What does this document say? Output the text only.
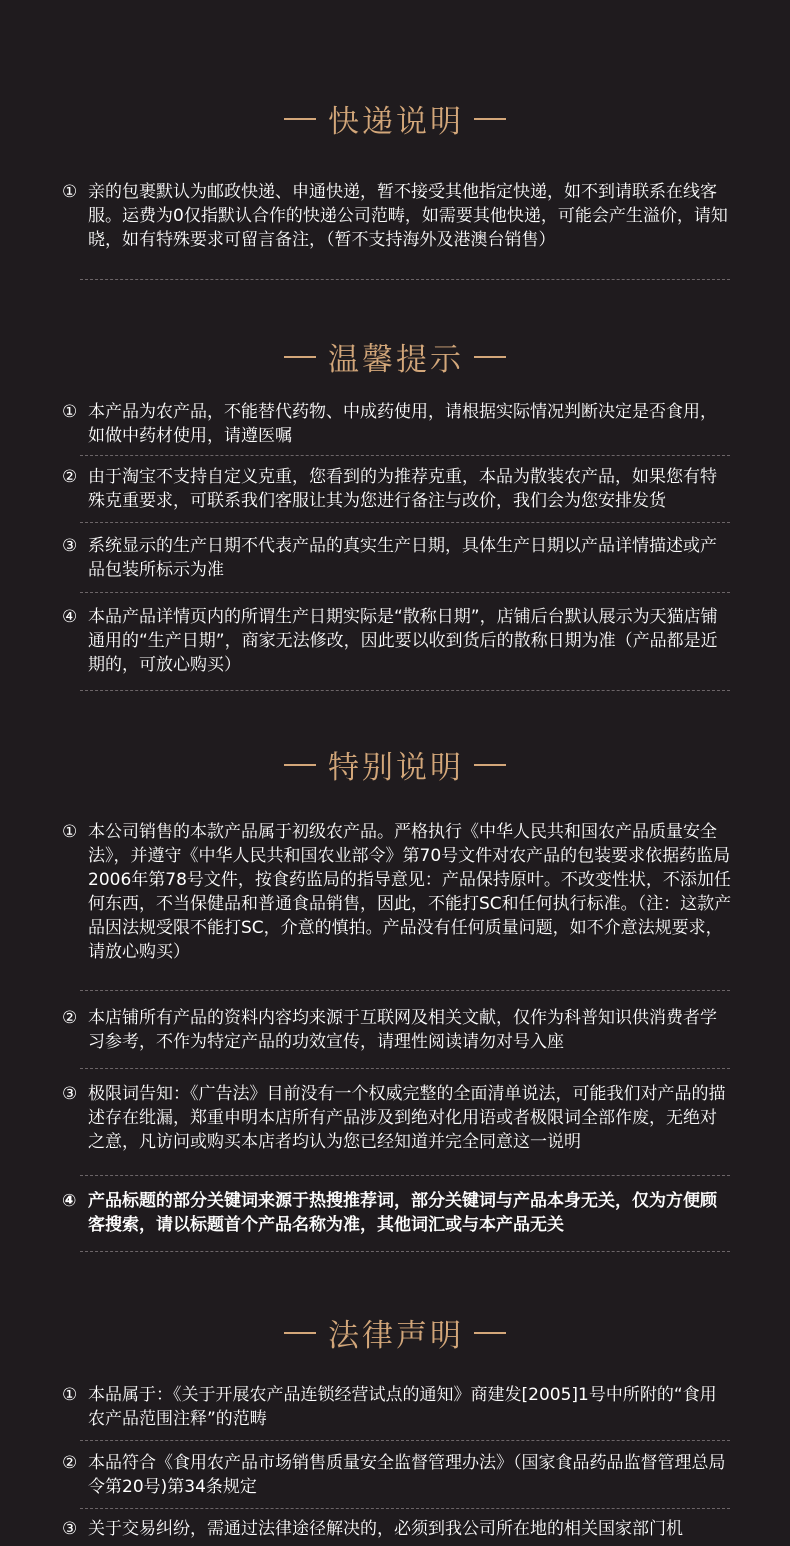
快递说明
① 亲的包裹默认为邮政快递、申通快递，暂不接受其他指定快递，如不到请联系在线客服。运费为0仅指默认合作的快递公司范畴，如需要其他快递，可能会产生溢价，请知晓，如有特殊要求可留言备注，（暂不支持海外及港澳台销售）
温馨提示
① 本产品为农产品，不能替代药物、中成药使用，请根据实际情况判断决定是否食用，如做中药材使用，请遵医嘱
② 由于淘宝不支持自定义克重，您看到的为推荐克重，本品为散装农产品，如果您有特殊克重要求，可联系我们客服让其为您进行备注与改价，我们会为您安排发货
③ 系统显示的生产日期不代表产品的真实生产日期，具体生产日期以产品详情描述或产品包装所标示为准
④ 本品产品详情页内的所谓生产日期实际是“散称日期”，店铺后台默认展示为天猫店铺通用的“生产日期”，商家无法修改，因此要以收到货后的散称日期为准（产品都是近期的，可放心购买）
特别说明
① 本公司销售的本款产品属于初级农产品。严格执行《中华人民共和国农产品质量安全法》，并遵守《中华人民共和国农业部令》第70号文件对农产品的包装要求依据药监局2006年第78号文件，按食药监局的指导意见：产品保持原叶。不改变性状，不添加任何东西，不当保健品和普通食品销售，因此，不能打SC和任何执行标准。（注：这款产品因法规受限不能打SC，介意的慎拍。产品没有任何质量问题，如不介意法规要求，请放心购买）
② 本店铺所有产品的资料内容均来源于互联网及相关文献，仅作为科普知识供消费者学习参考，不作为特定产品的功效宣传，请理性阅读请勿对号入座
③ 极限词告知：《广告法》目前没有一个权威完整的全面清单说法，可能我们对产品的描述存在纰漏，郑重申明本店所有产品涉及到绝对化用语或者极限词全部作废，无绝对之意，凡访问或购买本店者均认为您已经知道并完全同意这一说明
④ 产品标题的部分关键词来源于热搜推荐词，部分关键词与产品本身无关，仅为方便顾客搜索，请以标题首个产品名称为准，其他词汇或与本产品无关
法律声明
① 本品属于：《关于开展农产品连锁经营试点的通知》商建发[2005]1号中所附的“食用农产品范围注释”的范畴
② 本品符合《食用农产品市场销售质量安全监督管理办法》（国家食品药品监督管理总局令第20号)第34条规定
③ 关于交易纠纷，需通过法律途径解决的，必须到我公司所在地的相关国家部门机
